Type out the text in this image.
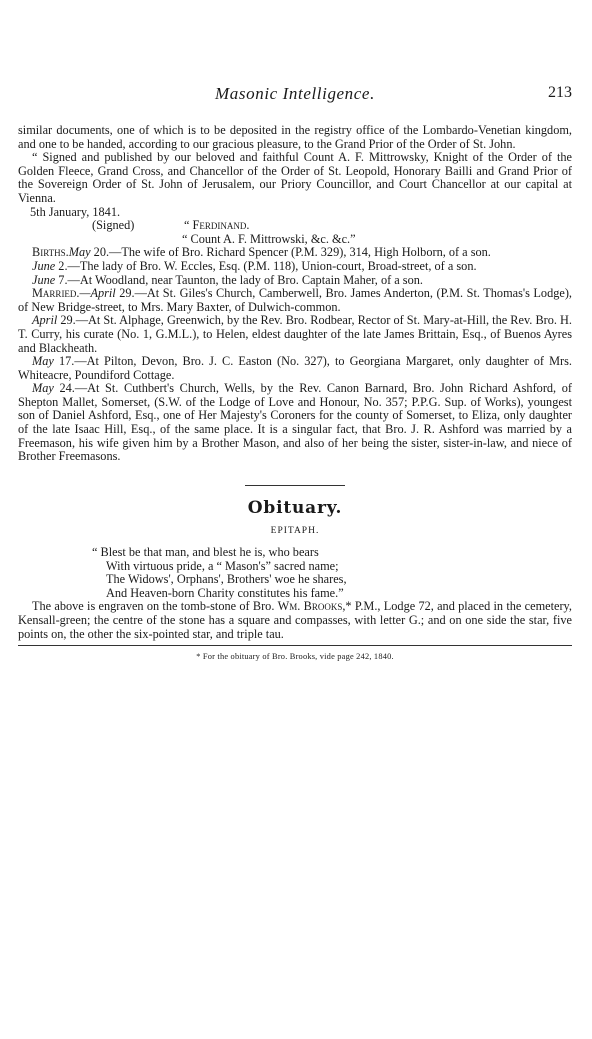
Masonic Intelligence.	213

similar documents, one of which is to be deposited in the registry office of the Lombardo-Venetian kingdom, and one to be handed, according to our gracious pleasure, to the Grand Prior of the Order of St. John.

“ Signed and published by our beloved and faithful Count A. F. Mittrowsky, Knight of the Order of the Golden Fleece, Grand Cross, and Chancellor of the Order of St. Leopold, Honorary Bailli and Grand Prior of the Sovereign Order of St. John of Jerusalem, our Priory Councillor, and Court Chancellor at our capital at Vienna.

5th January, 1841.

(Signed)	“ Ferdinand.

“ Count A. F. Mittrowski, &c. &c.”

Births.May 20.—The wife of Bro. Richard Spencer (P.M. 329), 314, High Holborn, of a son.

June 2.—The lady of Bro. W. Eccles, Esq. (P.M. 118), Union-court, Broad-street, of a son.

June 7.—At Woodland, near Taunton, the lady of Bro. Captain Maher, of a son.

Married.—April 29.—At St. Giles's Church, Camberwell, Bro. James Anderton, (P.M. St. Thomas's Lodge), of New Bridge-street, to Mrs. Mary Baxter, of Dulwich-common.

April 29.—At St. Alphage, Greenwich, by the Rev. Bro. Rodbear, Rector of St. Mary-at-Hill, the Rev. Bro. H. T. Curry, his curate (No. 1, G.M.L.), to Helen, eldest daughter of the late James Brittain, Esq., of Buenos Ayres and Blackheath.

May 17.—At Pilton, Devon, Bro. J. C. Easton (No. 327), to Georgiana Margaret, only daughter of Mrs. Whiteacre, Poundiford Cottage.

May 24.—At St. Cuthbert's Church, Wells, by the Rev. Canon Barnard, Bro. John Richard Ashford, of Shepton Mallet, Somerset, (S.W. of the Lodge of Love and Honour, No. 357; P.P.G. Sup. of Works), youngest son of Daniel Ashford, Esq., one of Her Majesty's Coroners for the county of Somerset, to Eliza, only daughter of the late Isaac Hill, Esq., of the same place. It is a singular fact, that Bro. J. R. Ashford was married by a Freemason, his wife given him by a Brother Mason, and also of her being the sister, sister-in-law, and niece of Brother Freemasons.

Obituary.
EPITAPH.
“ Blest be that man, and blest he is, who bears
With virtuous pride, a “ Mason's” sacred name;
The Widows', Orphans', Brothers' woe he shares,
And Heaven-born Charity constitutes his fame.”

The above is engraven on the tomb-stone of Bro. Wm. Brooks,* P.M., Lodge 72, and placed in the cemetery, Kensall-green; the centre of the stone has a square and compasses, with letter G.; and on one side the star, five points on, the other the six-pointed star, and triple tau.

* For the obituary of Bro. Brooks, vide page 242, 1840.
